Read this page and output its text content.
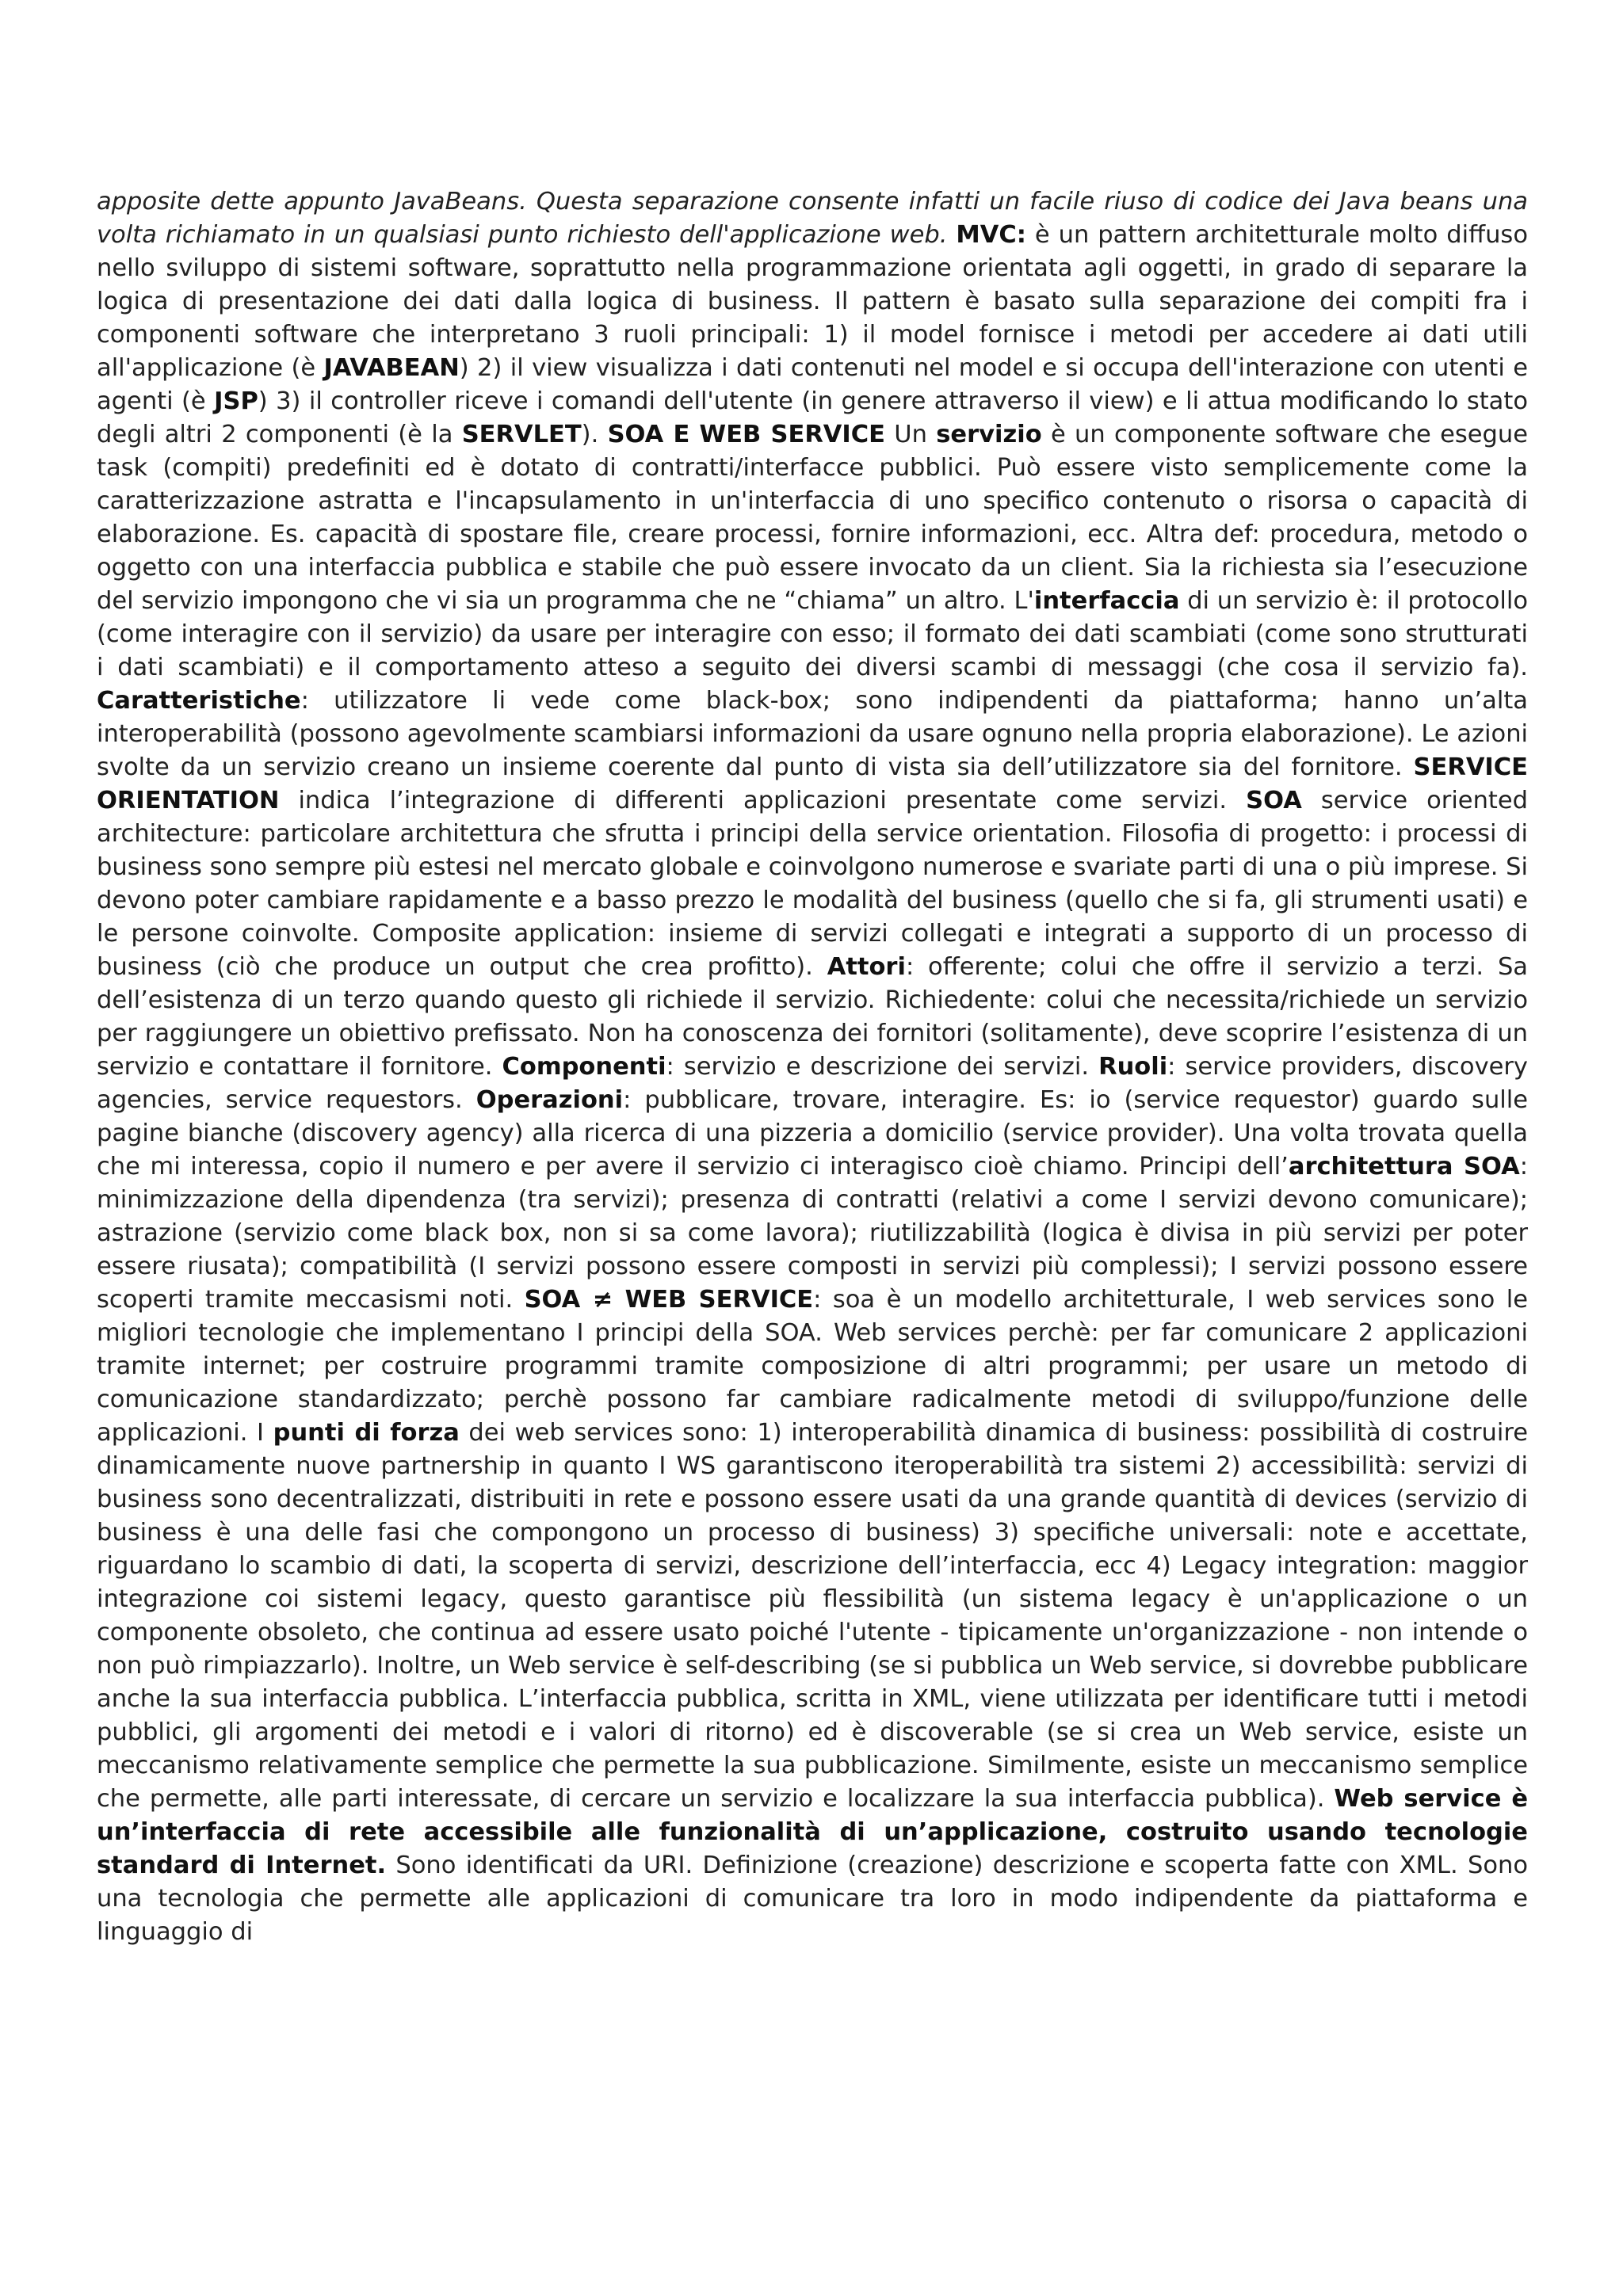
apposite dette appunto JavaBeans. Questa separazione consente infatti un facile riuso di codice dei Java beans una volta richiamato in un qualsiasi punto richiesto dell'applicazione web. MVC: è un pattern architetturale molto diffuso nello sviluppo di sistemi software, soprattutto nella programmazione orientata agli oggetti, in grado di separare la logica di presentazione dei dati dalla logica di business. Il pattern è basato sulla separazione dei compiti fra i componenti software che interpretano 3 ruoli principali: 1) il model fornisce i metodi per accedere ai dati utili all'applicazione (è JAVABEAN) 2) il view visualizza i dati contenuti nel model e si occupa dell'interazione con utenti e agenti (è JSP) 3) il controller riceve i comandi dell'utente (in genere attraverso il view) e li attua modificando lo stato degli altri 2 componenti (è la SERVLET). SOA E WEB SERVICE Un servizio è un componente software che esegue task (compiti) predefiniti ed è dotato di contratti/interfacce pubblici. Può essere visto semplicemente come la caratterizzazione astratta e l'incapsulamento in un'interfaccia di uno specifico contenuto o risorsa o capacità di elaborazione. Es. capacità di spostare file, creare processi, fornire informazioni, ecc. Altra def: procedura, metodo o oggetto con una interfaccia pubblica e stabile che può essere invocato da un client. Sia la richiesta sia l’esecuzione del servizio impongono che vi sia un programma che ne “chiama” un altro. L'interfaccia di un servizio è: il protocollo (come interagire con il servizio) da usare per interagire con esso; il formato dei dati scambiati (come sono strutturati i dati scambiati) e il comportamento atteso a seguito dei diversi scambi di messaggi (che cosa il servizio fa). Caratteristiche: utilizzatore li vede come black-box; sono indipendenti da piattaforma; hanno un’alta interoperabilità (possono agevolmente scambiarsi informazioni da usare ognuno nella propria elaborazione). Le azioni svolte da un servizio creano un insieme coerente dal punto di vista sia dell’utilizzatore sia del fornitore. SERVICE ORIENTATION indica l’integrazione di differenti applicazioni presentate come servizi. SOA service oriented architecture: particolare architettura che sfrutta i principi della service orientation. Filosofia di progetto: i processi di business sono sempre più estesi nel mercato globale e coinvolgono numerose e svariate parti di una o più imprese. Si devono poter cambiare rapidamente e a basso prezzo le modalità del business (quello che si fa, gli strumenti usati) e le persone coinvolte. Composite application: insieme di servizi collegati e integrati a supporto di un processo di business (ciò che produce un output che crea profitto). Attori: offerente; colui che offre il servizio a terzi. Sa dell’esistenza di un terzo quando questo gli richiede il servizio. Richiedente: colui che necessita/richiede un servizio per raggiungere un obiettivo prefissato. Non ha conoscenza dei fornitori (solitamente), deve scoprire l’esistenza di un servizio e contattare il fornitore. Componenti: servizio e descrizione dei servizi. Ruoli: service providers, discovery agencies, service requestors. Operazioni: pubblicare, trovare, interagire. Es: io (service requestor) guardo sulle pagine bianche (discovery agency) alla ricerca di una pizzeria a domicilio (service provider). Una volta trovata quella che mi interessa, copio il numero e per avere il servizio ci interagisco cioè chiamo. Principi dell’architettura SOA: minimizzazione della dipendenza (tra servizi); presenza di contratti (relativi a come I servizi devono comunicare); astrazione (servizio come black box, non si sa come lavora); riutilizzabilità (logica è divisa in più servizi per poter essere riusata); compatibilità (I servizi possono essere composti in servizi più complessi); I servizi possono essere scoperti tramite meccasismi noti. SOA ≠ WEB SERVICE: soa è un modello architetturale, I web services sono le migliori tecnologie che implementano I principi della SOA. Web services perchè: per far comunicare 2 applicazioni tramite internet; per costruire programmi tramite composizione di altri programmi; per usare un metodo di comunicazione standardizzato; perchè possono far cambiare radicalmente metodi di sviluppo/funzione delle applicazioni. I punti di forza dei web services sono: 1) interoperabilità dinamica di business: possibilità di costruire dinamicamente nuove partnership in quanto I WS garantiscono iteroperabilità tra sistemi 2) accessibilità: servizi di business sono decentralizzati, distribuiti in rete e possono essere usati da una grande quantità di devices (servizio di business è una delle fasi che compongono un processo di business) 3) specifiche universali: note e accettate, riguardano lo scambio di dati, la scoperta di servizi, descrizione dell’interfaccia, ecc 4) Legacy integration: maggior integrazione coi sistemi legacy, questo garantisce più flessibilità (un sistema legacy è un'applicazione o un componente obsoleto, che continua ad essere usato poiché l'utente - tipicamente un'organizzazione - non intende o non può rimpiazzarlo). Inoltre, un Web service è self-describing (se si pubblica un Web service, si dovrebbe pubblicare anche la sua interfaccia pubblica. L’interfaccia pubblica, scritta in XML, viene utilizzata per identificare tutti i metodi pubblici, gli argomenti dei metodi e i valori di ritorno) ed è discoverable (se si crea un Web service, esiste un meccanismo relativamente semplice che permette la sua pubblicazione. Similmente, esiste un meccanismo semplice che permette, alle parti interessate, di cercare un servizio e localizzare la sua interfaccia pubblica). Web service è un’interfaccia di rete accessibile alle funzionalità di un’applicazione, costruito usando tecnologie standard di Internet. Sono identificati da URI. Definizione (creazione) descrizione e scoperta fatte con XML. Sono una tecnologia che permette alle applicazioni di comunicare tra loro in modo indipendente da piattaforma e linguaggio di
